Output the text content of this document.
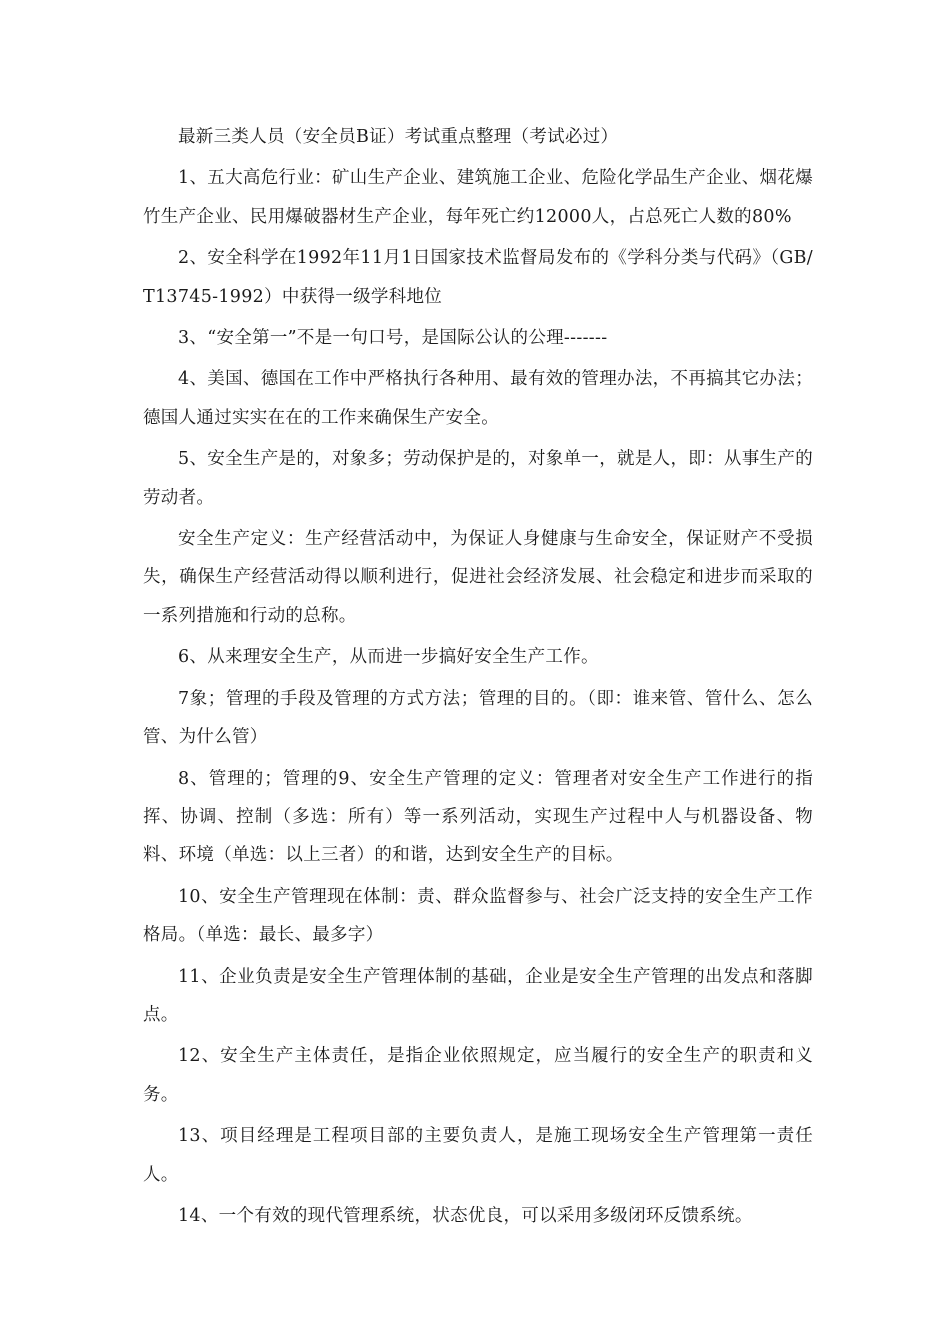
最新三类人员（安全员B证）考试重点整理（考试必过）

1、五大高危行业：矿山生产企业、建筑施工企业、危险化学品生产企业、烟花爆竹生产企业、民用爆破器材生产企业，每年死亡约12000人，占总死亡人数的80%

2、安全科学在1992年11月1日国家技术监督局发布的《学科分类与代码》（GB/T13745-1992）中获得一级学科地位

3、“安全第一”不是一句口号，是国际公认的公理-------

4、美国、德国在工作中严格执行各种用、最有效的管理办法，不再搞其它办法；德国人通过实实在在的工作来确保生产安全。

5、安全生产是的，对象多；劳动保护是的，对象单一，就是人，即：从事生产的劳动者。

安全生产定义：生产经营活动中，为保证人身健康与生命安全，保证财产不受损失，确保生产经营活动得以顺利进行，促进社会经济发展、社会稳定和进步而采取的一系列措施和行动的总称。

6、从来理安全生产，从而进一步搞好安全生产工作。

7象；管理的手段及管理的方式方法；管理的目的。（即：谁来管、管什么、怎么管、为什么管）

8、管理的；管理的9、安全生产管理的定义：管理者对安全生产工作进行的指挥、协调、控制（多选：所有）等一系列活动，实现生产过程中人与机器设备、物料、环境（单选：以上三者）的和谐，达到安全生产的目标。

10、安全生产管理现在体制：责、群众监督参与、社会广泛支持的安全生产工作格局。（单选：最长、最多字）

11、企业负责是安全生产管理体制的基础，企业是安全生产管理的出发点和落脚点。

12、安全生产主体责任，是指企业依照规定，应当履行的安全生产的职责和义务。

13、项目经理是工程项目部的主要负责人，是施工现场安全生产管理第一责任人。

14、一个有效的现代管理系统，状态优良，可以采用多级闭环反馈系统。
